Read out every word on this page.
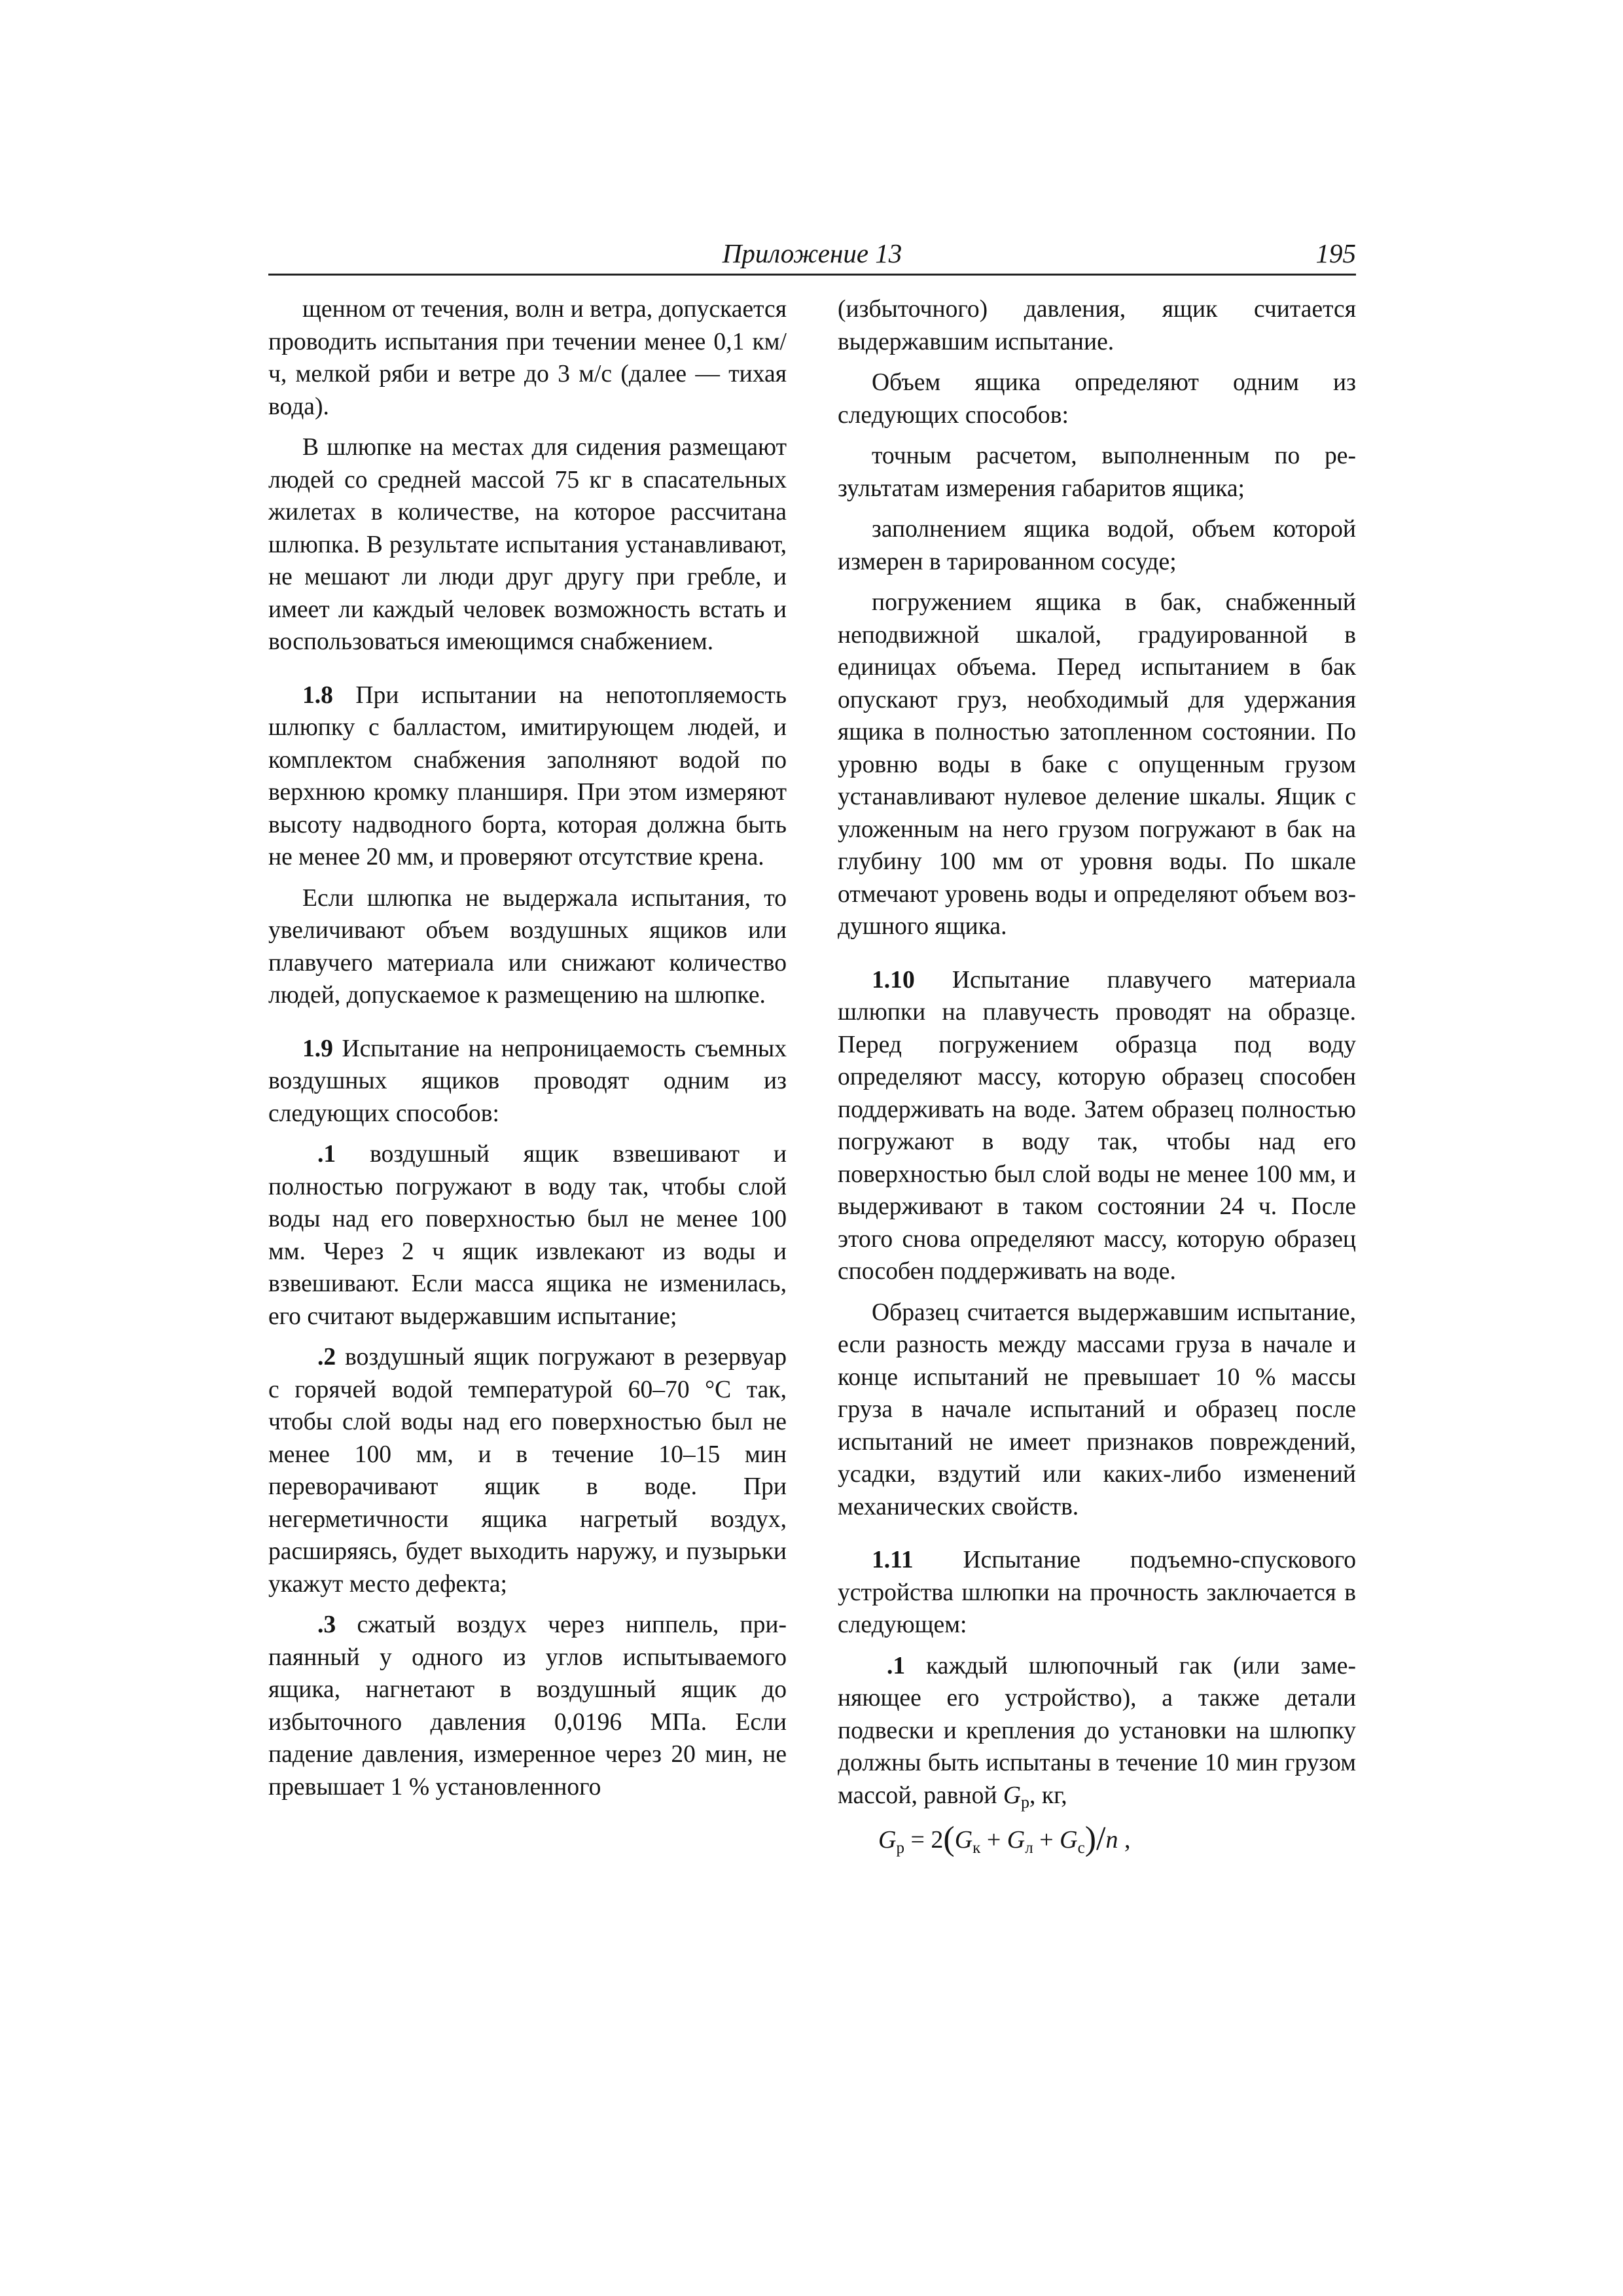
Приложение 13	195

щенном от течения, волн и ветра, допускается проводить испытания при течении менее 0,1 км/ч, мелкой ряби и ветре до 3 м/с (далее — тихая вода).

В шлюпке на местах для сидения размещают людей со средней массой 75 кг в спасательных жилетах в количестве, на которое рассчитана шлюпка. В результате испытания устанавливают, не мешают ли люди друг другу при гребле, и имеет ли каждый человек возможность встать и воспользоваться имеющимся снабжением.

1.8 При испытании на непотопляемость шлюпку с балластом, имитирующем людей, и комплектом снабжения заполняют водой по верхнюю кромку планширя. При этом измеряют высоту надводного борта, которая должна быть не менее 20 мм, и проверяют отсутствие крена.

Если шлюпка не выдержала испытания, то увеличивают объем воздушных ящиков или плавучего материала или снижают количество людей, допускаемое к размещению на шлюпке.

1.9 Испытание на непроницаемость съемных воздушных ящиков проводят одним из следующих способов:

.1 воздушный ящик взвешивают и полностью погружают в воду так, чтобы слой воды над его поверхностью был не менее 100 мм. Через 2 ч ящик извлекают из воды и взвешивают. Если масса ящика не изменилась, его считают выдержавшим испытание;

.2 воздушный ящик погружают в резервуар с горячей водой температурой 60–70 °С так, чтобы слой воды над его поверхностью был не менее 100 мм, и в течение 10–15 мин переворачивают ящик в воде. При негерметичности ящика нагретый воздух, расширяясь, будет выходить наружу, и пузырьки укажут место дефекта;

.3 сжатый воздух через ниппель, припаянный у одного из углов испытываемого ящика, нагнетают в воздушный ящик до избыточного давления 0,0196 МПа. Если падение давления, измеренное через 20 мин, не превышает 1 % установленного

(избыточного) давления, ящик считается выдержавшим испытание.

Объем ящика определяют одним из следующих способов:

точным расчетом, выполненным по результатам измерения габаритов ящика;

заполнением ящика водой, объем которой измерен в тарированном сосуде;

погружением ящика в бак, снабженный неподвижной шкалой, градуированной в единицах объема. Перед испытанием в бак опускают груз, необходимый для удержания ящика в полностью затопленном состоянии. По уровню воды в баке с опущенным грузом устанавливают нулевое деление шкалы. Ящик с уложенным на него грузом погружают в бак на глубину 100 мм от уровня воды. По шкале отмечают уровень воды и определяют объем воздушного ящика.

1.10 Испытание плавучего материала шлюпки на плавучесть проводят на образце. Перед погружением образца под воду определяют массу, которую образец способен поддерживать на воде. Затем образец полностью погружают в воду так, чтобы над его поверхностью был слой воды не менее 100 мм, и выдерживают в таком состоянии 24 ч. После этого снова определяют массу, которую образец способен поддерживать на воде.

Образец считается выдержавшим испытание, если разность между массами груза в начале и конце испытаний не превышает 10 % массы груза в начале испытаний и образец после испытаний не имеет признаков повреждений, усадки, вздутий или каких-либо изменений механических свойств.

1.11 Испытание подъемно-спускового устройства шлюпки на прочность заключается в следующем:

.1 каждый шлюпочный гак (или заменяющее его устройство), а также детали подвески и крепления до установки на шлюпку должны быть испытаны в течение 10 мин грузом массой, равной Gр, кг,

$G_р = 2(G_к + G_л + G_с)/n$ ,
